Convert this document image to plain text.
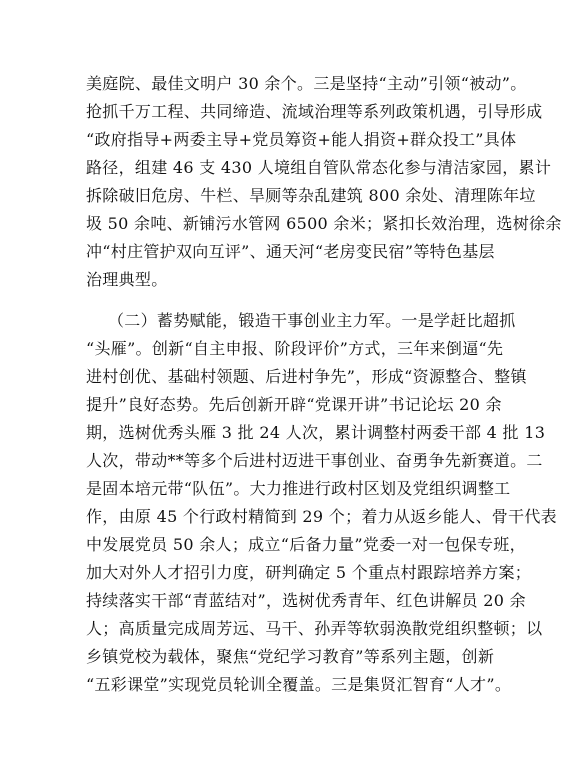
美庭院、最佳文明户 30 余个。三是坚持“主动”引领“被动”。
抢抓千万工程、共同缔造、流域治理等系列政策机遇，引导形成
“政府指导+两委主导+党员筹资+能人捐资+群众投工”具体
路径，组建 46 支 430 人境组自管队常态化参与清洁家园，累计
拆除破旧危房、牛栏、旱厕等杂乱建筑 800 余处、清理陈年垃
圾 50 余吨、新铺污水管网 6500 余米；紧扣长效治理，选树徐余
冲“村庄管护双向互评”、通天河“老房变民宿”等特色基层
治理典型。
（二）蓄势赋能，锻造干事创业主力军。一是学赶比超抓
“头雁”。创新“自主申报、阶段评价”方式，三年来倒逼“先
进村创优、基础村领题、后进村争先”，形成“资源整合、整镇
提升”良好态势。先后创新开辟“党课开讲”书记论坛 20 余
期，选树优秀头雁 3 批 24 人次，累计调整村两委干部 4 批 13
人次，带动**等多个后进村迈进干事创业、奋勇争先新赛道。二
是固本培元带“队伍”。大力推进行政村区划及党组织调整工
作，由原 45 个行政村精简到 29 个；着力从返乡能人、骨干代表
中发展党员 50 余人；成立“后备力量”党委一对一包保专班，
加大对外人才招引力度，研判确定 5 个重点村跟踪培养方案；
持续落实干部“青蓝结对”，选树优秀青年、红色讲解员 20 余
人；高质量完成周芳远、马干、孙弄等软弱涣散党组织整顿；以
乡镇党校为载体，聚焦“党纪学习教育”等系列主题，创新
“五彩课堂”实现党员轮训全覆盖。三是集贤汇智育“人才”。
